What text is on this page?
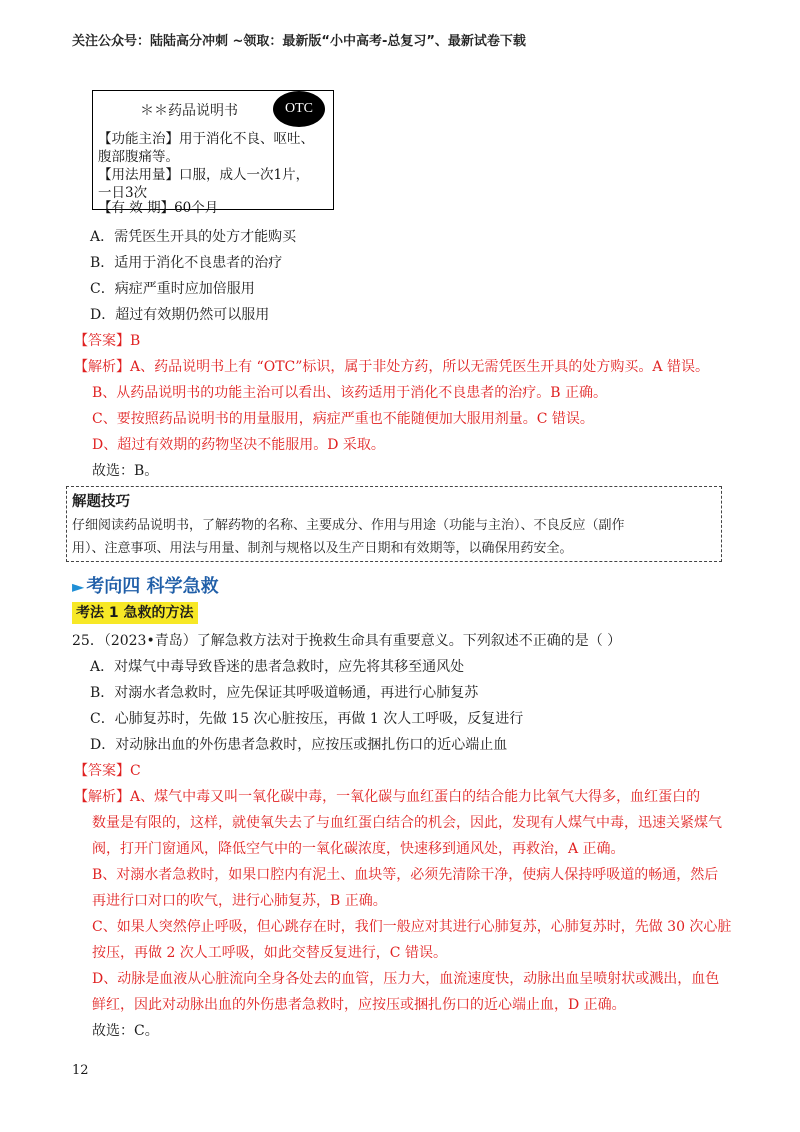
关注公众号：陆陆高分冲刺 ~领取：最新版“小中高考-总复习”、最新试卷下载
＊＊药品说明书	OTC
【功能主治】用于消化不良、呕吐、
腹部腹痛等。
【用法用量】口服，成人一次1片，
一日3次
【有 效 期】60个月
A．需凭医生开具的处方才能购买
B．适用于消化不良患者的治疗
C．病症严重时应加倍服用
D．超过有效期仍然可以服用
【答案】B
【解析】A、药品说明书上有 “OTC”标识，属于非处方药，所以无需凭医生开具的处方购买。A 错误。
B、从药品说明书的功能主治可以看出、该药适用于消化不良患者的治疗。B 正确。
C、要按照药品说明书的用量服用，病症严重也不能随便加大服用剂量。C 错误。
D、超过有效期的药物坚决不能服用。D 采取。
故选：B。
解题技巧
仔细阅读药品说明书，了解药物的名称、主要成分、作用与用途（功能与主治）、不良反应（副作
用）、注意事项、用法与用量、制剂与规格以及生产日期和有效期等，以确保用药安全。
► 考向四 科学急救
考法 1 急救的方法
25．（2023•青岛）了解急救方法对于挽救生命具有重要意义。下列叙述不正确的是（ ）
A．对煤气中毒导致昏迷的患者急救时，应先将其移至通风处
B．对溺水者急救时，应先保证其呼吸道畅通，再进行心肺复苏
C．心肺复苏时，先做 15 次心脏按压，再做 1 次人工呼吸，反复进行
D．对动脉出血的外伤患者急救时，应按压或捆扎伤口的近心端止血
【答案】C
【解析】A、煤气中毒又叫一氧化碳中毒，一氧化碳与血红蛋白的结合能力比氧气大得多，血红蛋白的
数量是有限的，这样，就使氧失去了与血红蛋白结合的机会，因此，发现有人煤气中毒，迅速关紧煤气
阀，打开门窗通风，降低空气中的一氧化碳浓度，快速移到通风处，再救治，A 正确。
B、对溺水者急救时，如果口腔内有泥土、血块等，必须先清除干净，使病人保持呼吸道的畅通，然后
再进行口对口的吹气，进行心肺复苏，B 正确。
C、如果人突然停止呼吸，但心跳存在时，我们一般应对其进行心肺复苏，心肺复苏时，先做 30 次心脏
按压，再做 2 次人工呼吸，如此交替反复进行，C 错误。
D、动脉是血液从心脏流向全身各处去的血管，压力大，血流速度快，动脉出血呈喷射状或溅出，血色
鲜红，因此对动脉出血的外伤患者急救时，应按压或捆扎伤口的近心端止血，D 正确。
故选：C。
12
